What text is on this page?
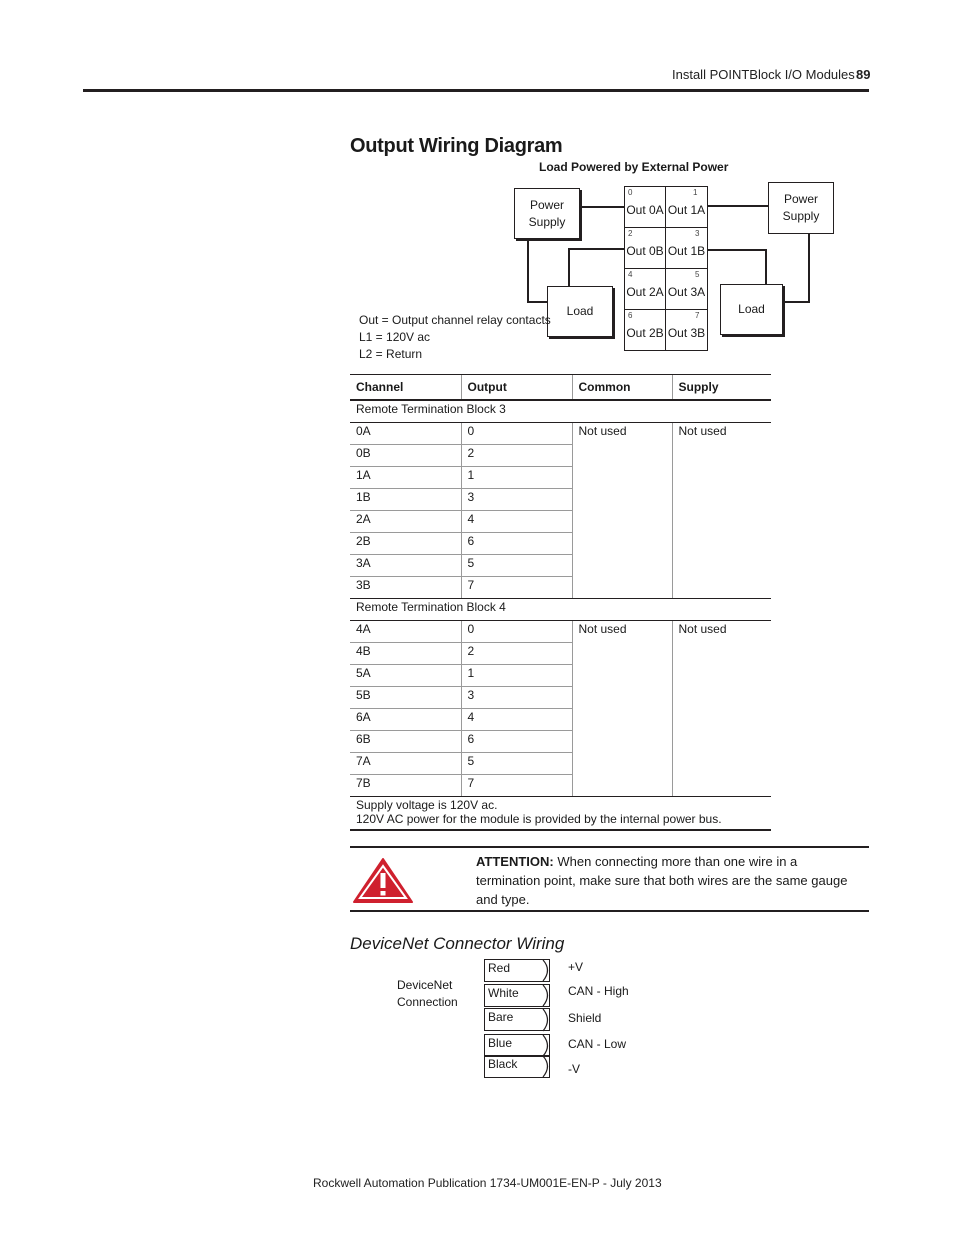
Install POINTBlock I/O Modules 89
Output Wiring Diagram
Load Powered by External Power
Power
Supply
Power
Supply
Load	Load
0
Out 0A
1
Out 1A
2
Out 0B
3
Out 1B
4
Out 2A
5
Out 3A
6
Out 2B
7
Out 3B
Out = Output channel relay contacts
L1 = 120V ac
L2 = Return
Channel	Output	Common	Supply
Remote Termination Block 3			
0A	0	Not used	Not used
0B	2		
1A	1		
1B	3		
2A	4		
2B	6		
3A	5		
3B	7		
Remote Termination Block 4			
4A	0	Not used	Not used
4B	2		
5A	1		
5B	3		
6A	4		
6B	6		
7A	5		
7B	7		

Supply voltage is 120V ac.
120V AC power for the module is provided by the internal power bus.			
ATTENTION: When connecting more than one wire in a termination point, make sure that both wires are the same gauge and type.
DeviceNet Connector Wiring
DeviceNet
Connection
Red
White
Bare
Blue
Black
+V
CAN - High
Shield
CAN - Low
-V
Rockwell Automation Publication 1734-UM001E-EN-P - July 2013
